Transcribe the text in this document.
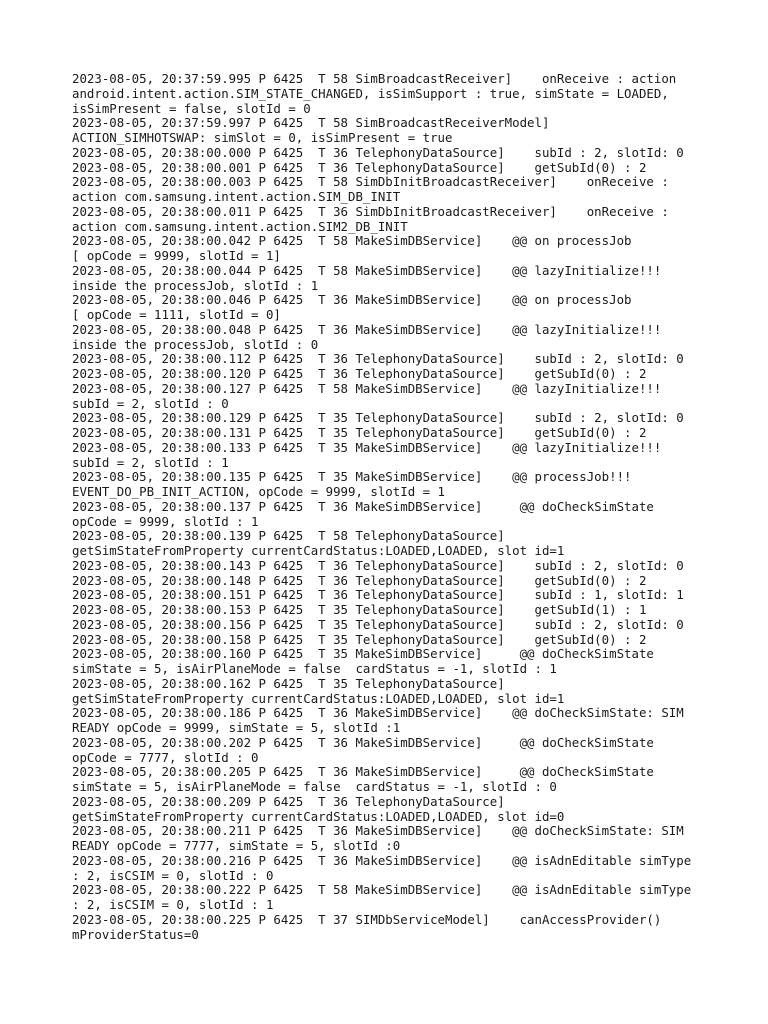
2023-08-05, 20:37:59.995 P 6425  T 58 SimBroadcastReceiver]    onReceive : action
android.intent.action.SIM_STATE_CHANGED, isSimSupport : true, simState = LOADED,
isSimPresent = false, slotId = 0
2023-08-05, 20:37:59.997 P 6425  T 58 SimBroadcastReceiverModel]
ACTION_SIMHOTSWAP: simSlot = 0, isSimPresent = true
2023-08-05, 20:38:00.000 P 6425  T 36 TelephonyDataSource]    subId : 2, slotId: 0
2023-08-05, 20:38:00.001 P 6425  T 36 TelephonyDataSource]    getSubId(0) : 2
2023-08-05, 20:38:00.003 P 6425  T 58 SimDbInitBroadcastReceiver]    onReceive :
action com.samsung.intent.action.SIM_DB_INIT
2023-08-05, 20:38:00.011 P 6425  T 36 SimDbInitBroadcastReceiver]    onReceive :
action com.samsung.intent.action.SIM2_DB_INIT
2023-08-05, 20:38:00.042 P 6425  T 58 MakeSimDBService]    @@ on processJob
[ opCode = 9999, slotId = 1]
2023-08-05, 20:38:00.044 P 6425  T 58 MakeSimDBService]    @@ lazyInitialize!!!
inside the processJob, slotId : 1
2023-08-05, 20:38:00.046 P 6425  T 36 MakeSimDBService]    @@ on processJob
[ opCode = 1111, slotId = 0]
2023-08-05, 20:38:00.048 P 6425  T 36 MakeSimDBService]    @@ lazyInitialize!!!
inside the processJob, slotId : 0
2023-08-05, 20:38:00.112 P 6425  T 36 TelephonyDataSource]    subId : 2, slotId: 0
2023-08-05, 20:38:00.120 P 6425  T 36 TelephonyDataSource]    getSubId(0) : 2
2023-08-05, 20:38:00.127 P 6425  T 58 MakeSimDBService]    @@ lazyInitialize!!!
subId = 2, slotId : 0
2023-08-05, 20:38:00.129 P 6425  T 35 TelephonyDataSource]    subId : 2, slotId: 0
2023-08-05, 20:38:00.131 P 6425  T 35 TelephonyDataSource]    getSubId(0) : 2
2023-08-05, 20:38:00.133 P 6425  T 35 MakeSimDBService]    @@ lazyInitialize!!!
subId = 2, slotId : 1
2023-08-05, 20:38:00.135 P 6425  T 35 MakeSimDBService]    @@ processJob!!!
EVENT_DO_PB_INIT_ACTION, opCode = 9999, slotId = 1
2023-08-05, 20:38:00.137 P 6425  T 36 MakeSimDBService]     @@ doCheckSimState
opCode = 9999, slotId : 1
2023-08-05, 20:38:00.139 P 6425  T 58 TelephonyDataSource]
getSimStateFromProperty currentCardStatus:LOADED,LOADED, slot id=1
2023-08-05, 20:38:00.143 P 6425  T 36 TelephonyDataSource]    subId : 2, slotId: 0
2023-08-05, 20:38:00.148 P 6425  T 36 TelephonyDataSource]    getSubId(0) : 2
2023-08-05, 20:38:00.151 P 6425  T 36 TelephonyDataSource]    subId : 1, slotId: 1
2023-08-05, 20:38:00.153 P 6425  T 35 TelephonyDataSource]    getSubId(1) : 1
2023-08-05, 20:38:00.156 P 6425  T 35 TelephonyDataSource]    subId : 2, slotId: 0
2023-08-05, 20:38:00.158 P 6425  T 35 TelephonyDataSource]    getSubId(0) : 2
2023-08-05, 20:38:00.160 P 6425  T 35 MakeSimDBService]     @@ doCheckSimState
simState = 5, isAirPlaneMode = false  cardStatus = -1, slotId : 1
2023-08-05, 20:38:00.162 P 6425  T 35 TelephonyDataSource]
getSimStateFromProperty currentCardStatus:LOADED,LOADED, slot id=1
2023-08-05, 20:38:00.186 P 6425  T 36 MakeSimDBService]    @@ doCheckSimState: SIM
READY opCode = 9999, simState = 5, slotId :1
2023-08-05, 20:38:00.202 P 6425  T 36 MakeSimDBService]     @@ doCheckSimState
opCode = 7777, slotId : 0
2023-08-05, 20:38:00.205 P 6425  T 36 MakeSimDBService]     @@ doCheckSimState
simState = 5, isAirPlaneMode = false  cardStatus = -1, slotId : 0
2023-08-05, 20:38:00.209 P 6425  T 36 TelephonyDataSource]
getSimStateFromProperty currentCardStatus:LOADED,LOADED, slot id=0
2023-08-05, 20:38:00.211 P 6425  T 36 MakeSimDBService]    @@ doCheckSimState: SIM
READY opCode = 7777, simState = 5, slotId :0
2023-08-05, 20:38:00.216 P 6425  T 36 MakeSimDBService]    @@ isAdnEditable simType
: 2, isCSIM = 0, slotId : 0
2023-08-05, 20:38:00.222 P 6425  T 58 MakeSimDBService]    @@ isAdnEditable simType
: 2, isCSIM = 0, slotId : 1
2023-08-05, 20:38:00.225 P 6425  T 37 SIMDbServiceModel]    canAccessProvider()
mProviderStatus=0
